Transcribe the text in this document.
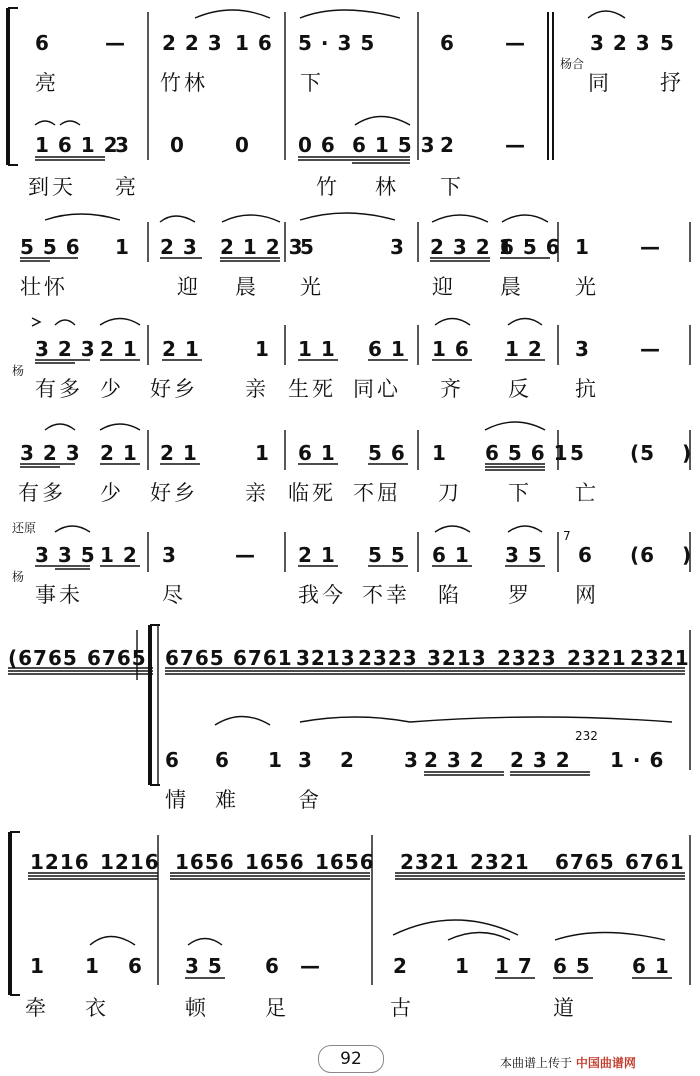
6	— 2 2 3 1 6 5 · 3 5	6	—	3 2 3 5
1 6 1 2
3 0	0 0 6 6 1 5 3 2	—
亮	竹林	下	同 抒
到天 亮	竹 林 下
杨合
5 5 6 1 2 3 2 1 2 3
5	3 2 3 2 1
6 5 6 1	—
壮怀	迎 晨 光	迎 晨 光
3 2 3 2 1 2 1	1 1 1 6 1 1 6 1 2 3	—
有多 少 好乡 亲 生死 同心 齐 反 抗
杨
3 2 3 2 1 2 1	1 6 1 5 6 1 6 5 6 1 5 (5 )
有多 少 好乡 亲 临死 不屈 刀 下 亡
3 3 5 1 2 3	— 2 1 5 5 6 1 3 5 6 (6 )
事未	尽	我今 不幸 陷 罗 网
杨
还原
7
(6765 6765 6765 6761 3213 2323 3213 2323 2321 2321
6 6 1 3 2 3 2 3 2 2 3 2 1 · 6
情 难	舍
232
1216 1216 1656 1656 1656 2321 2321 6765 6761
1 1 6 3 5 6 —	2 1 1 7 6 5 6 1
牵 衣	顿	足	古	道
92	本曲谱上传于 中国曲谱网
